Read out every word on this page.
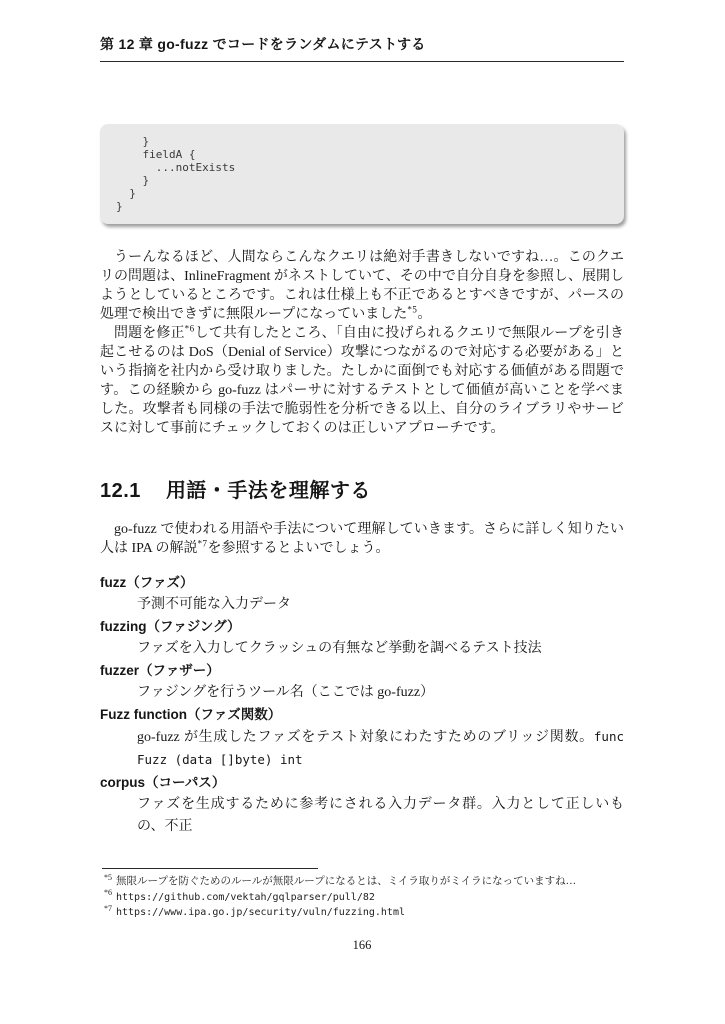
第 12 章 go-fuzz でコードをランダムにテストする
}
fieldA {
...notExists
}
}
}

うーんなるほど、人間ならこんなクエリは絶対手書きしないですね…。このクエリの問題は、InlineFragment がネストしていて、その中で自分自身を参照し、展開しようとしているところです。これは仕様上も不正であるとすべきですが、パースの処理で検出できずに無限ループになっていました$^{*5}$。

問題を修正$^{*6}$して共有したところ、「自由に投げられるクエリで無限ループを引き起こせるのは DoS（Denial of Service）攻撃につながるので対応する必要がある」という指摘を社内から受け取りました。たしかに面倒でも対応する価値がある問題です。この経験から go-fuzz はパーサに対するテストとして価値が高いことを学べました。攻撃者も同様の手法で脆弱性を分析できる以上、自分のライブラリやサービスに対して事前にチェックしておくのは正しいアプローチです。

12.1 用語・手法を理解する

go-fuzz で使われる用語や手法について理解していきます。さらに詳しく知りたい人は IPA の解説$^{*7}$を参照するとよいでしょう。

fuzz（ファズ）
予測不可能な入力データ
fuzzing（ファジング）
ファズを入力してクラッシュの有無など挙動を調べるテスト技法
fuzzer（ファザー）
ファジングを行うツール名（ここでは go-fuzz）
Fuzz function（ファズ関数）
go-fuzz が生成したファズをテスト対象にわたすためのブリッジ関数。func Fuzz (data []byte) int
corpus（コーパス）
ファズを生成するために参考にされる入力データ群。入力として正しいもの、不正
$^{*5}$ 無限ループを防ぐためのルールが無限ループになるとは、ミイラ取りがミイラになっていますね…
$^{*6}$ https://github.com/vektah/gqlparser/pull/82
$^{*7}$ https://www.ipa.go.jp/security/vuln/fuzzing.html
166
